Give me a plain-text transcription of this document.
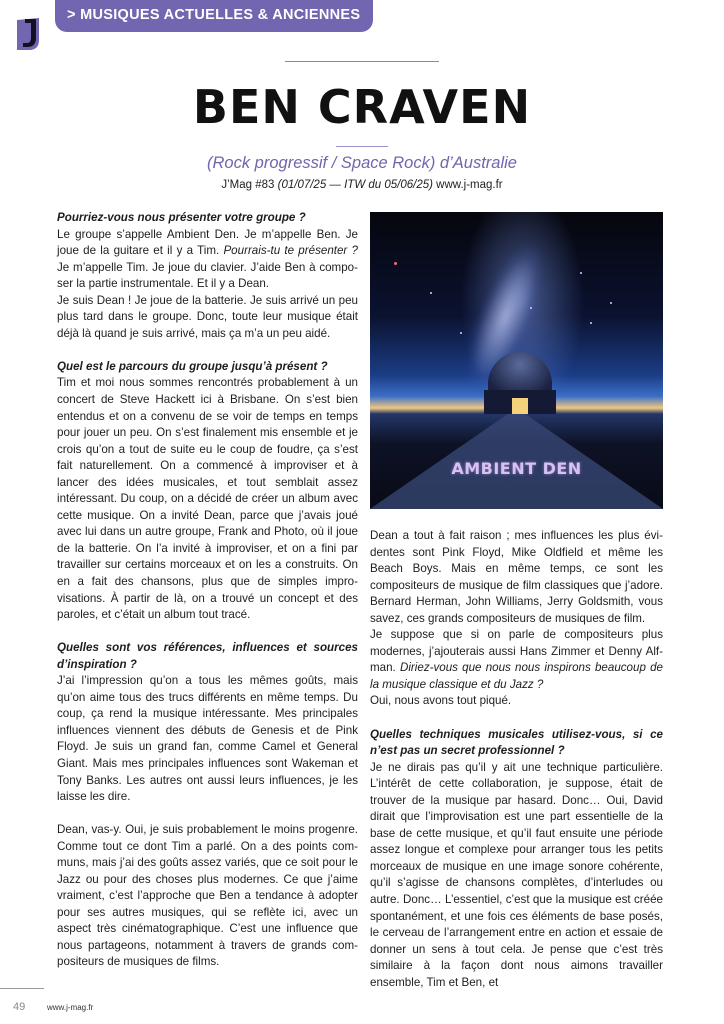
> MUSIQUES ACTUELLES & ANCIENNES
BEN CRAVEN
(Rock progressif / Space Rock) d’Australie
J’Mag #83 (01/07/25 — ITW du 05/06/25) www.j-mag.fr

Pourriez-vous nous présenter votre groupe ?

Le groupe s’appelle Ambient Den. Je m’appelle Ben. Je joue de la guitare et il y a Tim. Pourrais-tu te présenter ? Je m’appelle Tim. Je joue du clavier. J’aide Ben à composer la partie instrumentale. Et il y a Dean.

Je suis Dean ! Je joue de la batterie. Je suis arrivé un peu plus tard dans le groupe. Donc, toute leur musique était déjà là quand je suis arrivé, mais ça m’a un peu aidé.

Quel est le parcours du groupe jusqu’à présent ?

Tim et moi nous sommes rencontrés probablement à un concert de Steve Hackett ici à Brisbane. On s’est bien entendus et on a convenu de se voir de temps en temps pour jouer un peu. On s’est finalement mis ensemble et je crois qu’on a tout de suite eu le coup de foudre, ça s’est fait naturellement. On a commencé à improviser et à lancer des idées musicales, et tout semblait assez intéressant. Du coup, on a décidé de créer un album avec cette musique. On a invité Dean, parce que j’avais joué avec lui dans un autre groupe, Frank and Photo, où il joue de la batterie. On l’a invité à improviser, et on a fini par travailler sur certains morceaux et on les a construits. On en a fait des chansons, plus que de simples improvisations. À partir de là, on a trouvé un concept et des paroles, et c’était un album tout tracé.

Quelles sont vos références, influences et sources d’inspiration ?

J’ai l’impression qu’on a tous les mêmes goûts, mais qu’on aime tous des trucs différents en même temps. Du coup, ça rend la musique intéressante. Mes principales influences viennent des débuts de Genesis et de Pink Floyd. Je suis un grand fan, comme Camel et General Giant. Mais mes principales influences sont Wakeman et Tony Banks. Les autres ont aussi leurs influences, je les laisse les dire.

Dean, vas-y. Oui, je suis probablement le moins progenre. Comme tout ce dont Tim a parlé. On a des points communs, mais j’ai des goûts assez variés, que ce soit pour le Jazz ou pour des choses plus modernes. Ce que j’aime vraiment, c’est l’approche que Ben a tendance à adopter pour ses autres musiques, qui se reflète ici, avec un aspect très cinématographique. C’est une influence que nous partageons, notamment à travers de grands compositeurs de musiques de films.

AMBIENT DEN

Dean a tout à fait raison ; mes influences les plus évidentes sont Pink Floyd, Mike Oldfield et même les Beach Boys. Mais en même temps, ce sont les compositeurs de musique de film classiques que j’adore. Bernard Herman, John Williams, Jerry Goldsmith, vous savez, ces grands compositeurs de musiques de film.

Je suppose que si on parle de compositeurs plus modernes, j’ajouterais aussi Hans Zimmer et Denny Alfman. Diriez-vous que nous nous inspirons beaucoup de la musique classique et du Jazz ?

Oui, nous avons tout piqué.

Quelles techniques musicales utilisez-vous, si ce n’est pas un secret professionnel ?

Je ne dirais pas qu’il y ait une technique particulière. L’intérêt de cette collaboration, je suppose, était de trouver de la musique par hasard. Donc… Oui, David dirait que l’improvisation est une part essentielle de la base de cette musique, et qu’il faut ensuite une période assez longue et complexe pour arranger tous les petits morceaux de musique en une image sonore cohérente, qu’il s’agisse de chansons complètes, d’interludes ou autre. Donc… L’essentiel, c’est que la musique est créée spontanément, et une fois ces éléments de base posés, le cerveau de l’arrangement entre en action et essaie de donner un sens à tout cela. Je pense que c’est très similaire à la façon dont nous aimons travailler ensemble, Tim et Ben, et

49	www.j-mag.fr
